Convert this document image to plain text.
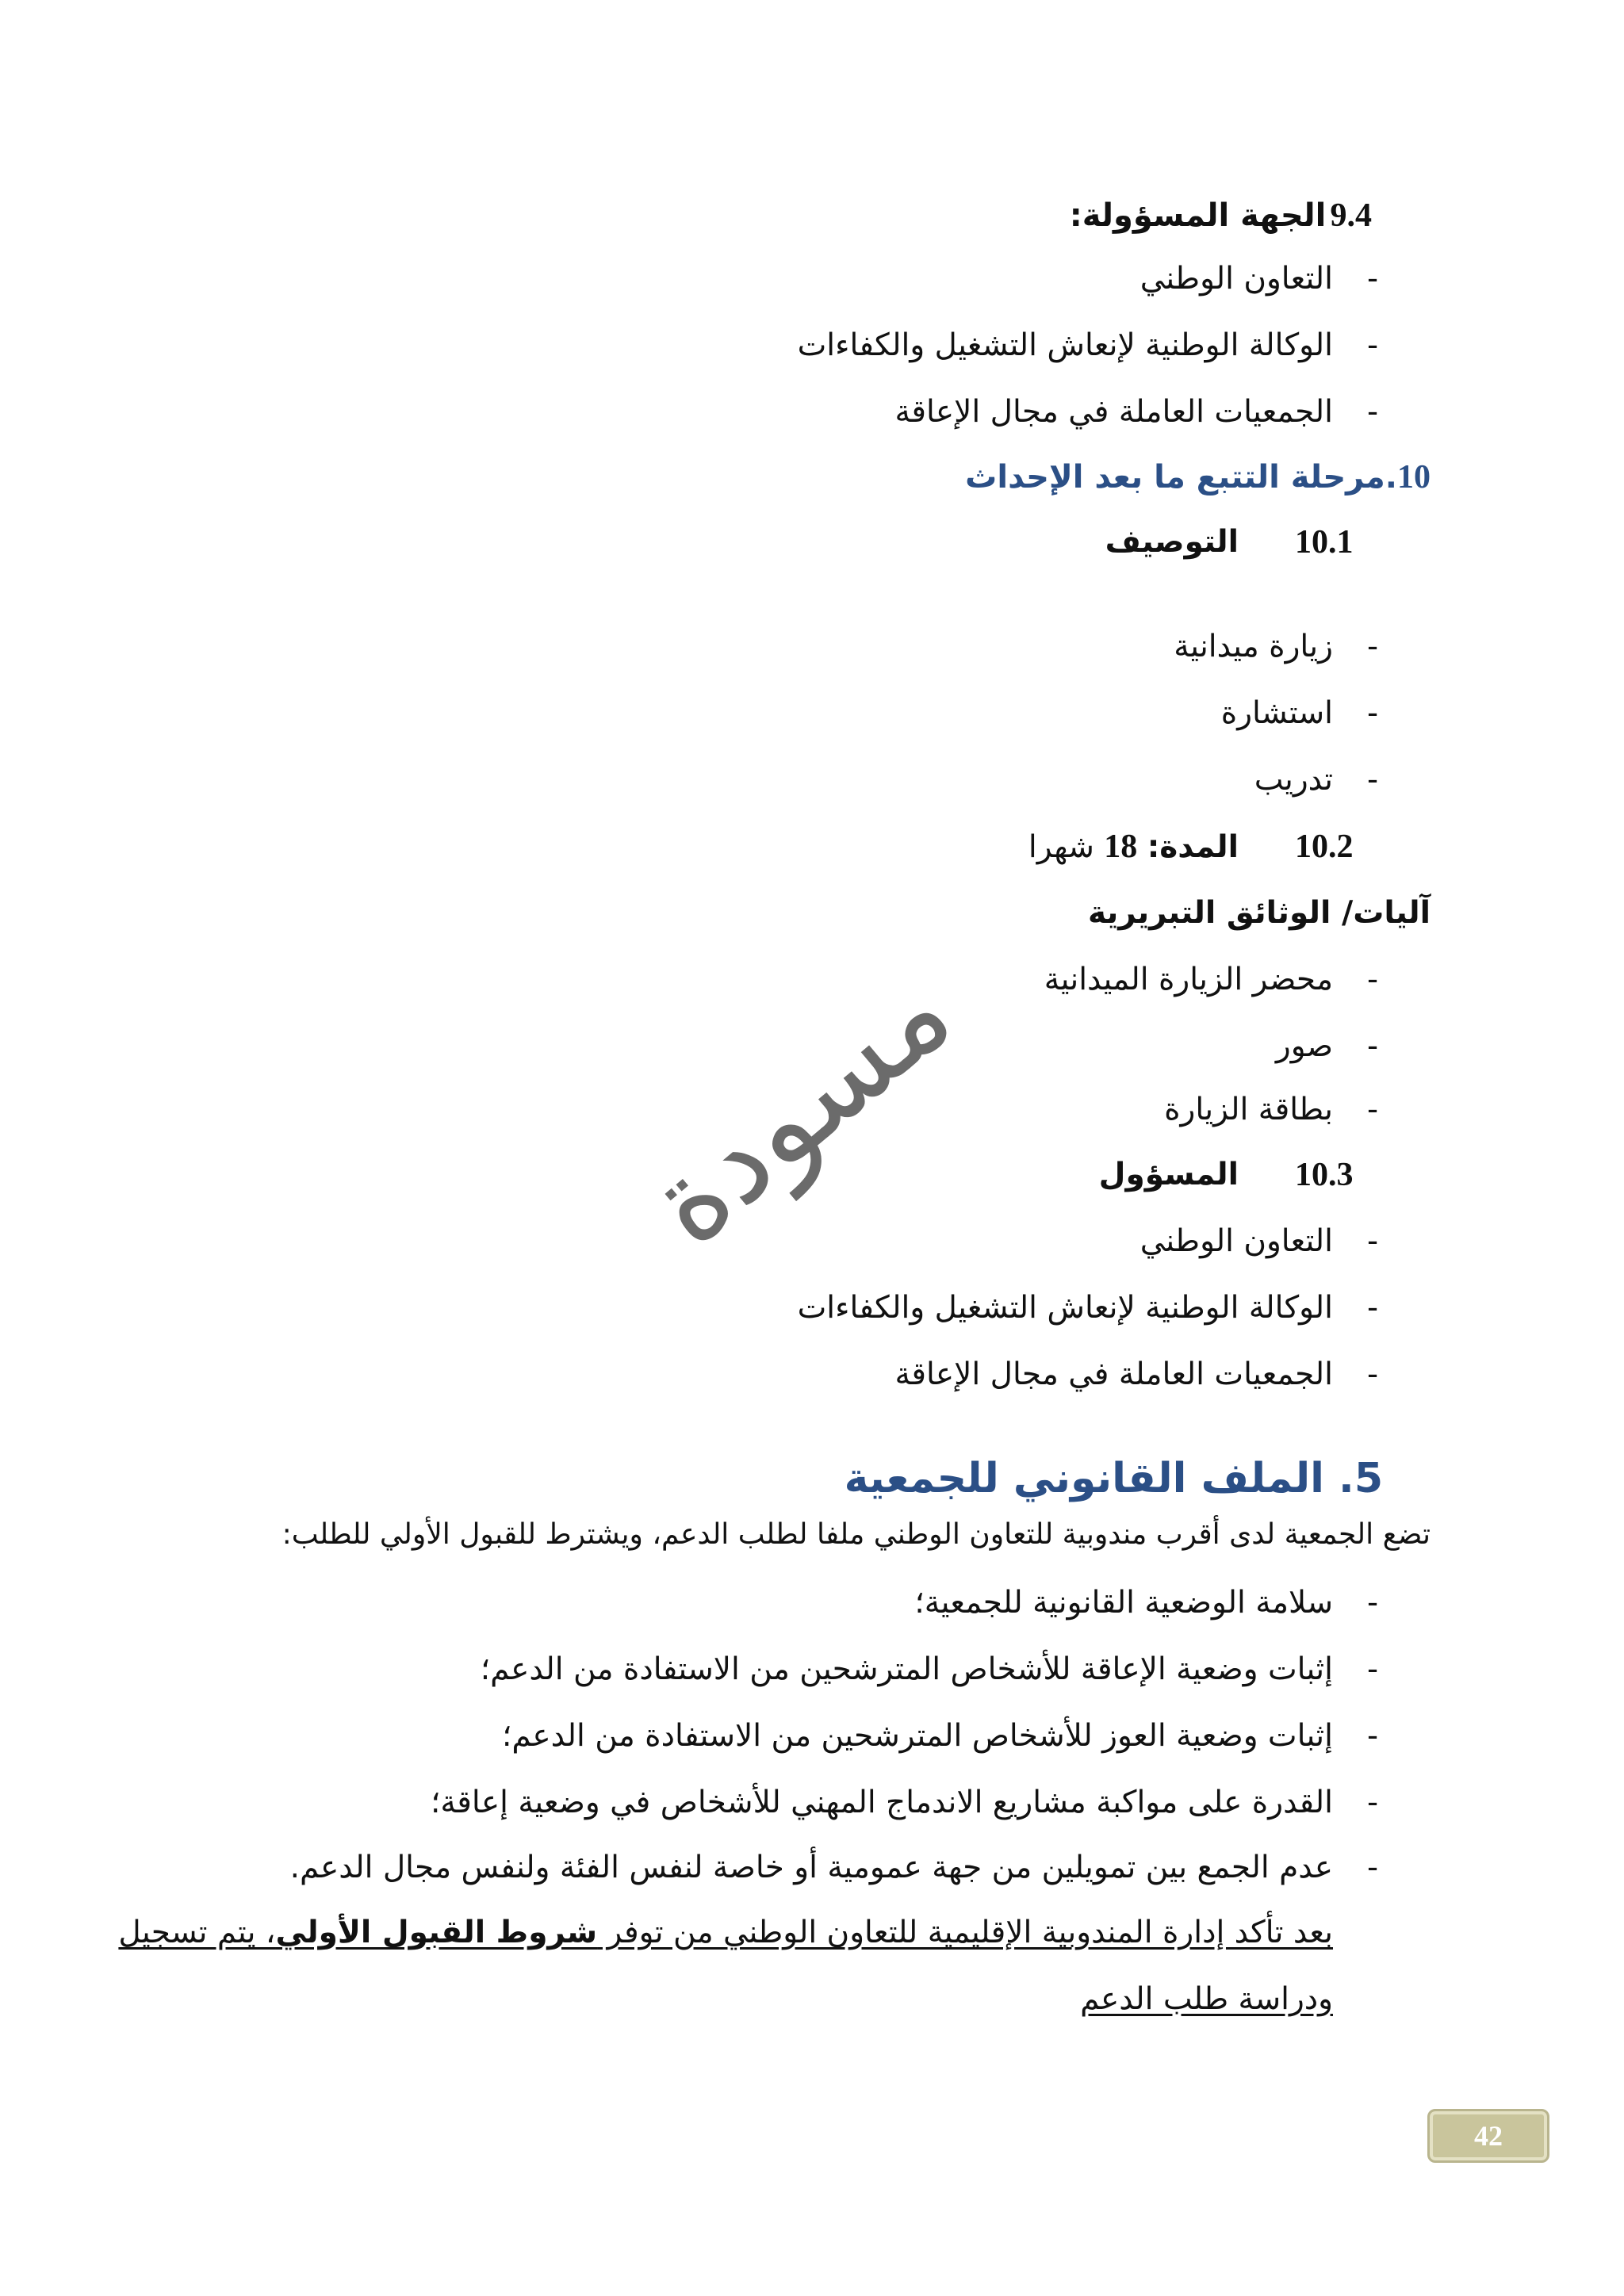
9.4 الجهة المسؤولة:
-
التعاون الوطني
-
الوكالة الوطنية لإنعاش التشغيل والكفاءات
-
الجمعيات العاملة في مجال الإعاقة
10.مرحلة التتبع ما بعد الإحداث
10.1
التوصيف
-
زيارة ميدانية
-
استشارة
-
تدريب
10.2
المدة: 18 شهرا
آليات/ الوثائق التبريرية
-
محضر الزيارة الميدانية
-
صور
-
بطاقة الزيارة
10.3
المسؤول
-
التعاون الوطني
-
الوكالة الوطنية لإنعاش التشغيل والكفاءات
-
الجمعيات العاملة في مجال الإعاقة
مسودة
5. الملف القانوني للجمعية
تضع الجمعية لدى أقرب مندوبية للتعاون الوطني ملفا لطلب الدعم، ويشترط للقبول الأولي للطلب:
-
سلامة الوضعية القانونية للجمعية؛
-
إثبات وضعية الإعاقة للأشخاص المترشحين من الاستفادة من الدعم؛
-
إثبات وضعية العوز للأشخاص المترشحين من الاستفادة من الدعم؛
-
القدرة على مواكبة مشاريع الاندماج المهني للأشخاص في وضعية إعاقة؛
-
عدم الجمع بين تمويلين من جهة عمومية أو خاصة لنفس الفئة ولنفس مجال الدعم.
بعد تأكد إدارة المندوبية الإقليمية للتعاون الوطني من توفر شروط القبول الأولي، يتم تسجيل
ودراسة طلب الدعم
42
